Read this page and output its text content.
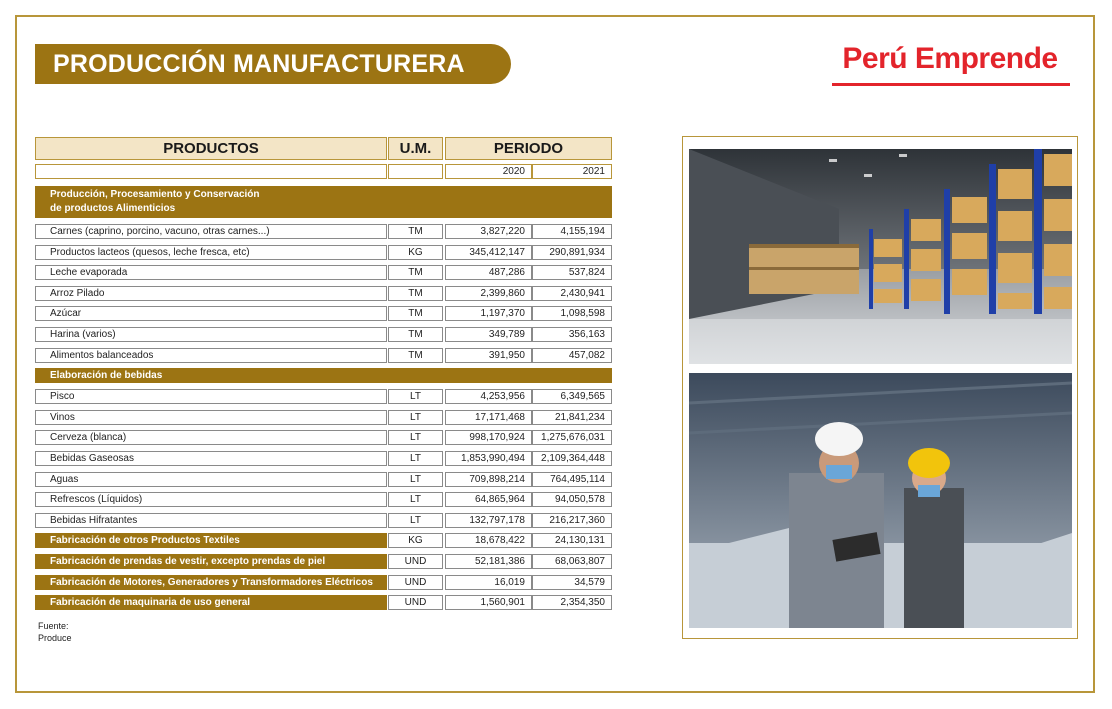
PRODUCCIÓN MANUFACTURERA	Perú Emprende
PRODUCTOS	U.M.	PERIODO
2020	2021
Producción, Procesamiento y Conservación
de productos Alimenticios
Carnes (caprino, porcino, vacuno, otras carnes...)	TM	3,827,220	4,155,194
Productos lacteos (quesos, leche fresca, etc)	KG	345,412,147	290,891,934
Leche evaporada	TM	487,286	537,824
Arroz Pilado	TM	2,399,860	2,430,941
Azúcar	TM	1,197,370	1,098,598
Harina (varios)	TM	349,789	356,163
Alimentos balanceados	TM	391,950	457,082
Elaboración de bebidas
Pisco	LT	4,253,956	6,349,565
Vinos	LT	17,171,468	21,841,234
Cerveza (blanca)	LT	998,170,924	1,275,676,031
Bebidas Gaseosas	LT	1,853,990,494	2,109,364,448
Aguas	LT	709,898,214	764,495,114
Refrescos (Líquidos)	LT	64,865,964	94,050,578
Bebidas Hifratantes	LT	132,797,178	216,217,360
Fabricación de otros Productos Textiles	KG	18,678,422	24,130,131
Fabricación de prendas de vestir, excepto prendas de piel	UND	52,181,386	68,063,807
Fabricación de Motores, Generadores y Transformadores Eléctricos	UND	16,019	34,579
Fabricación de maquinaria de uso general	UND	1,560,901	2,354,350
Fuente:
Produce
